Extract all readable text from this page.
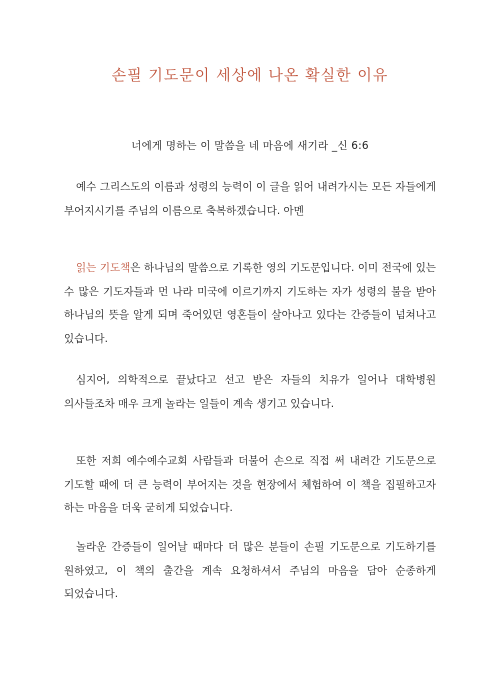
손필 기도문이 세상에 나온 확실한 이유

너에게 명하는 이 말씀을 네 마음에 새기라 _신 6:6

예수 그리스도의 이름과 성령의 능력이 이 글을 읽어 내려가시는 모든 자들에게 부어지시기를 주님의 이름으로 축복하겠습니다. 아멘

읽는 기도책은 하나님의 말씀으로 기록한 영의 기도문입니다. 이미 전국에 있는 수 많은 기도자들과 먼 나라 미국에 이르기까지 기도하는 자가 성령의 불을 받아 하나님의 뜻을 알게 되며 죽어있던 영혼들이 살아나고 있다는 간증들이 넘쳐나고 있습니다.

심지어, 의학적으로 끝났다고 선고 받은 자들의 치유가 일어나 대학병원 의사들조차 매우 크게 놀라는 일들이 계속 생기고 있습니다.

또한 저희 예수예수교회 사람들과 더불어 손으로 직접 써 내려간 기도문으로 기도할 때에 더 큰 능력이 부어지는 것을 현장에서 체험하여 이 책을 집필하고자 하는 마음을 더욱 굳히게 되었습니다.

놀라운 간증들이 일어날 때마다 더 많은 분들이 손필 기도문으로 기도하기를 원하였고, 이 책의 출간을 계속 요청하셔서 주님의 마음을 담아 순종하게 되었습니다.
